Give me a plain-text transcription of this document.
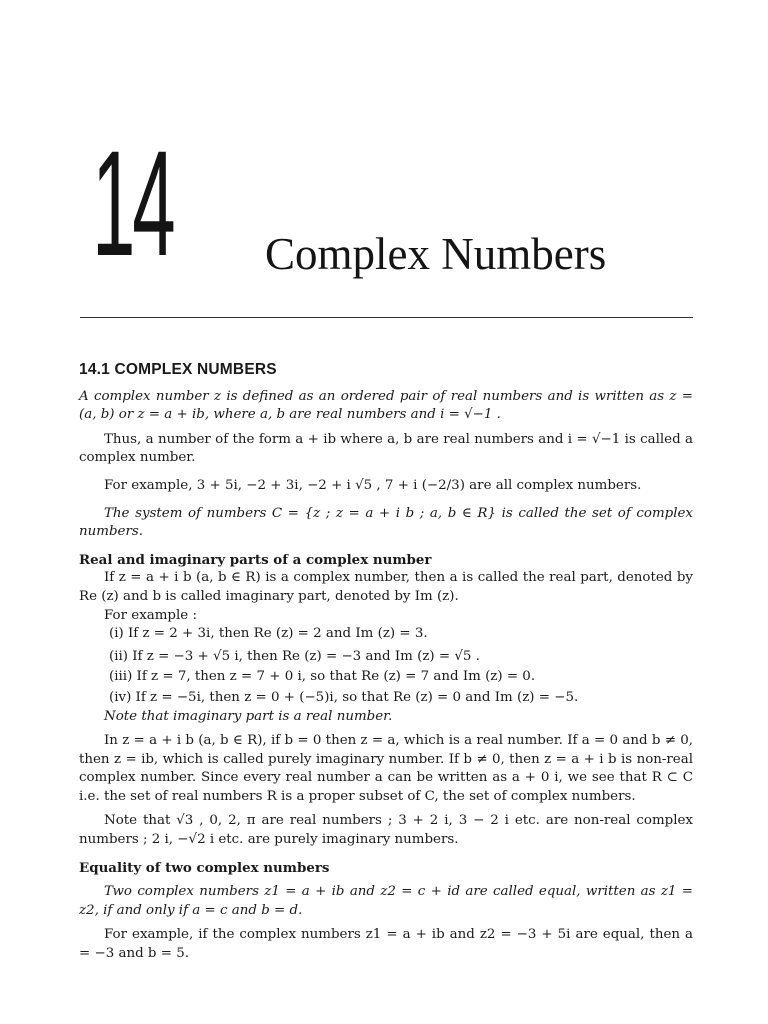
14 Complex Numbers
14.1 COMPLEX NUMBERS

A complex number z is defined as an ordered pair of real numbers and is written as z = (a, b) or z = a + ib, where a, b are real numbers and i = √−1 .

Thus, a number of the form a + ib where a, b are real numbers and i = √−1 is called a complex number.

For example, 3 + 5i, −2 + 3i, −2 + i √5 , 7 + i (−2/3) are all complex numbers.

The system of numbers C = {z ; z = a + i b ; a, b ∈ R} is called the set of complex numbers.

Real and imaginary parts of a complex number

If z = a + i b (a, b ∈ R) is a complex number, then a is called the real part, denoted by Re (z) and b is called imaginary part, denoted by Im (z).

For example :

(i) If z = 2 + 3i, then Re (z) = 2 and Im (z) = 3.
(ii) If z = −3 + √5 i, then Re (z) = −3 and Im (z) = √5 .
(iii) If z = 7, then z = 7 + 0 i, so that Re (z) = 7 and Im (z) = 0.
(iv) If z = −5i, then z = 0 + (−5)i, so that Re (z) = 0 and Im (z) = −5.

Note that imaginary part is a real number.

In z = a + i b (a, b ∈ R), if b = 0 then z = a, which is a real number. If a = 0 and b ≠ 0, then z = ib, which is called purely imaginary number. If b ≠ 0, then z = a + i b is non-real complex number. Since every real number a can be written as a + 0 i, we see that R ⊂ C i.e. the set of real numbers R is a proper subset of C, the set of complex numbers.

Note that √3 , 0, 2, π are real numbers ; 3 + 2 i, 3 − 2 i etc. are non-real complex numbers ; 2 i, −√2 i etc. are purely imaginary numbers.

Equality of two complex numbers

Two complex numbers z1 = a + ib and z2 = c + id are called equal, written as z1 = z2, if and only if a = c and b = d.

For example, if the complex numbers z1 = a + ib and z2 = −3 + 5i are equal, then a = −3 and b = 5.
